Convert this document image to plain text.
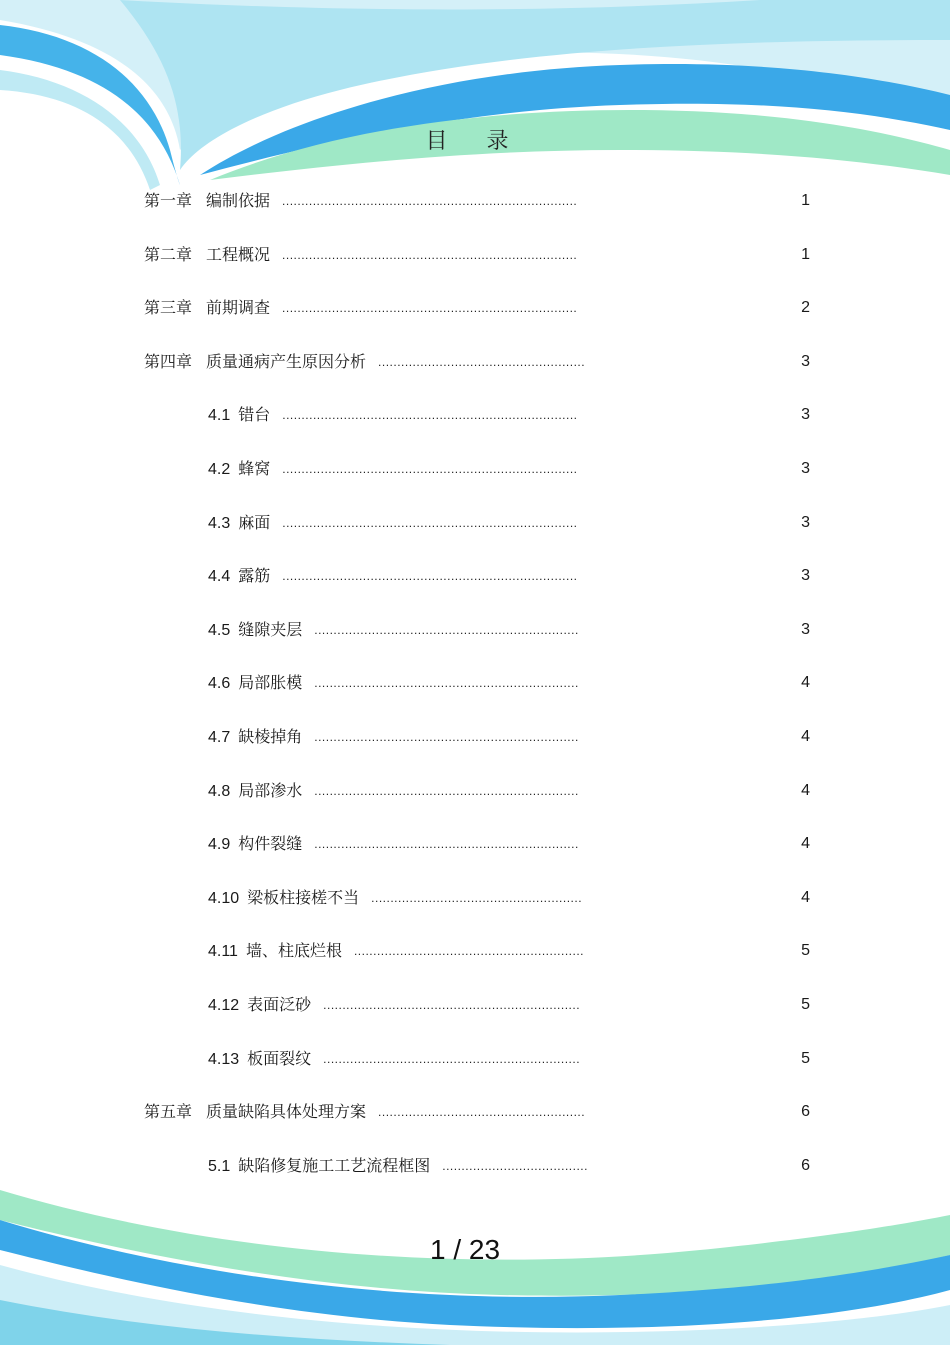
目 录
第一章 编制依据 .............................................................................	1
第二章 工程概况 .............................................................................	1
第三章 前期调查 .............................................................................	2
第四章 质量通病产生原因分析 ......................................................	3
4.1 错台 .............................................................................	3
4.2 蜂窝 .............................................................................	3
4.3 麻面 .............................................................................	3
4.4 露筋 .............................................................................	3
4.5 缝隙夹层 .....................................................................	3
4.6 局部胀模 .....................................................................	4
4.7 缺棱掉角 .....................................................................	4
4.8 局部渗水 .....................................................................	4
4.9 构件裂缝 .....................................................................	4
4.10 梁板柱接槎不当 .......................................................	4
4.11 墙、柱底烂根 ............................................................	5
4.12 表面泛砂 ...................................................................	5
4.13 板面裂纹 ...................................................................	5
第五章 质量缺陷具体处理方案 ......................................................	6
5.1 缺陷修复施工工艺流程框图 ......................................	6
1 / 23
